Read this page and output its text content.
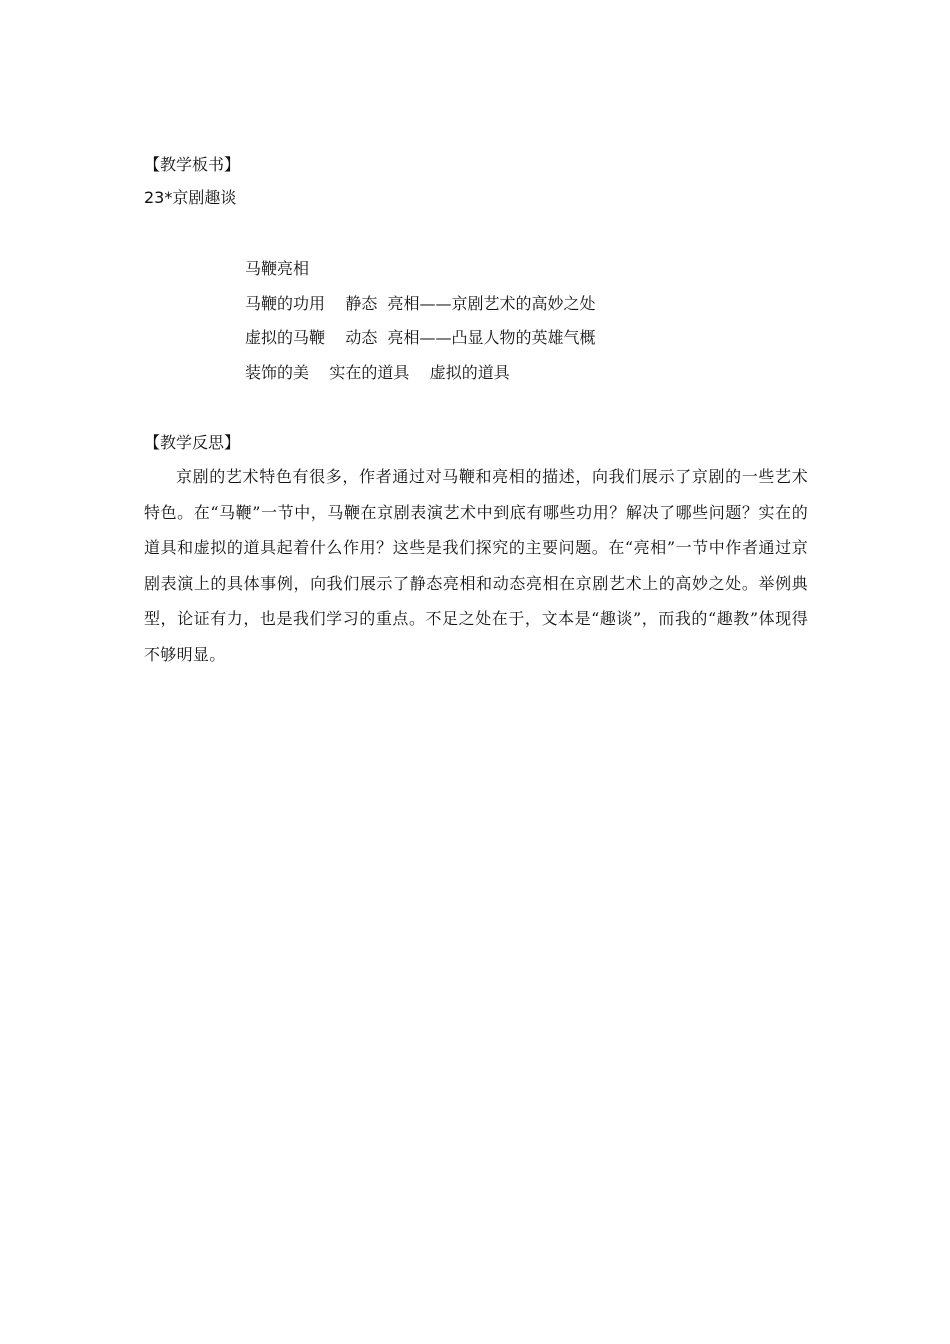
【教学板书】
23*京剧趣谈
马鞭亮相
马鞭的功用    静态  亮相——京剧艺术的高妙之处
虚拟的马鞭    动态  亮相——凸显人物的英雄气概
装饰的美    实在的道具    虚拟的道具
【教学反思】

京剧的艺术特色有很多，作者通过对马鞭和亮相的描述，向我们展示了京剧的一些艺术特色。在“马鞭”一节中，马鞭在京剧表演艺术中到底有哪些功用？解决了哪些问题？实在的道具和虚拟的道具起着什么作用？这些是我们探究的主要问题。在“亮相”一节中作者通过京剧表演上的具体事例，向我们展示了静态亮相和动态亮相在京剧艺术上的高妙之处。举例典型，论证有力，也是我们学习的重点。不足之处在于，文本是“趣谈”，而我的“趣教”体现得不够明显。
